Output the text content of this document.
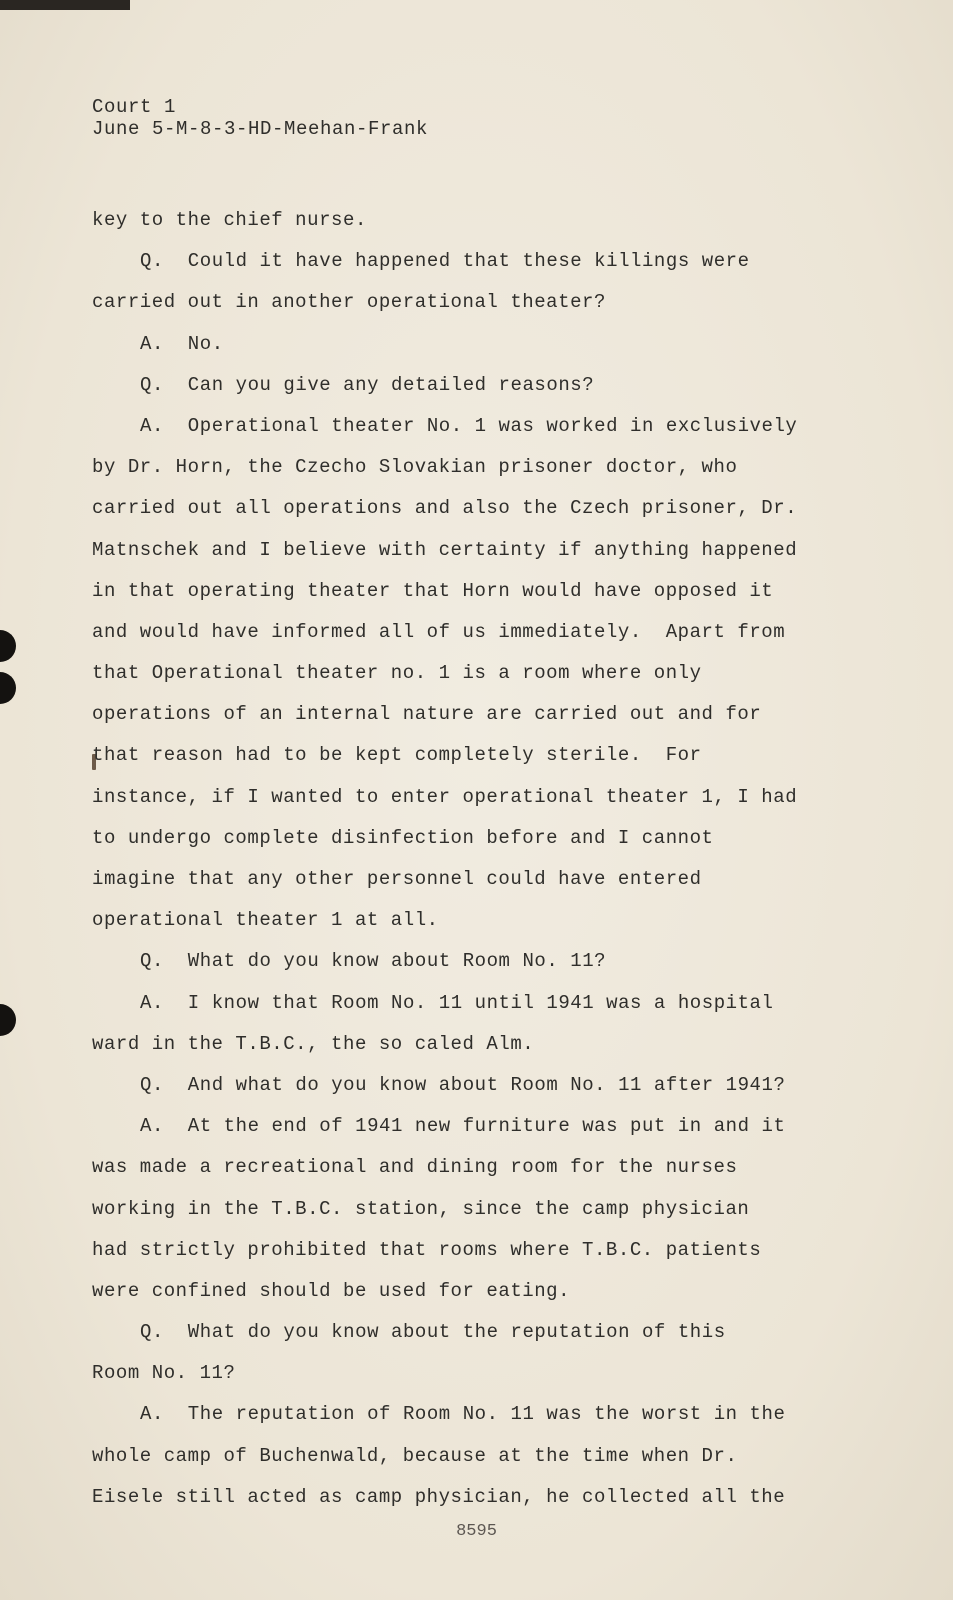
Court 1
June 5-M-8-3-HD-Meehan-Frank
key to the chief nurse.
Q.  Could it have happened that these killings were
carried out in another operational theater?
A.  No.
Q.  Can you give any detailed reasons?
A.  Operational theater No. 1 was worked in exclusively
by Dr. Horn, the Czecho Slovakian prisoner doctor, who
carried out all operations and also the Czech prisoner, Dr.
Matnschek and I believe with certainty if anything happened
in that operating theater that Horn would have opposed it
and would have informed all of us immediately.  Apart from
that Operational theater no. 1 is a room where only
operations of an internal nature are carried out and for
that reason had to be kept completely sterile.  For
instance, if I wanted to enter operational theater 1, I had
to undergo complete disinfection before and I cannot
imagine that any other personnel could have entered
operational theater 1 at all.
Q.  What do you know about Room No. 11?
A.  I know that Room No. 11 until 1941 was a hospital
ward in the T.B.C., the so caled Alm.
Q.  And what do you know about Room No. 11 after 1941?
A.  At the end of 1941 new furniture was put in and it
was made a recreational and dining room for the nurses
working in the T.B.C. station, since the camp physician
had strictly prohibited that rooms where T.B.C. patients
were confined should be used for eating.
Q.  What do you know about the reputation of this
Room No. 11?
A.  The reputation of Room No. 11 was the worst in the
whole camp of Buchenwald, because at the time when Dr.
Eisele still acted as camp physician, he collected all the
8595
